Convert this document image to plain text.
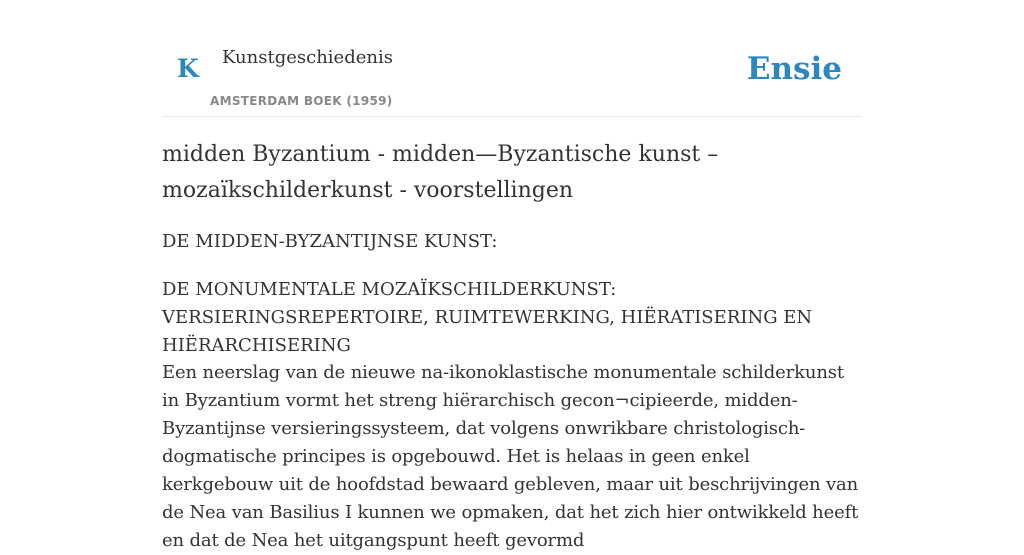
K Kunstgeschiedenis
AMSTERDAM BOEK (1959)
Ensie
midden Byzantium - midden—Byzantische kunst – mozaïkschilderkunst - voorstellingen
DE MIDDEN-BYZANTIJNSE KUNST:
DE MONUMENTALE MOZAÏKSCHILDERKUNST: VERSIERINGSREPERTOIRE, RUIMTEWERKING, HIËRATISERING EN HIËRARCHISERING

Een neerslag van de nieuwe na-ikonoklastische monumentale schilderkunst in Byzantium vormt het streng hiërarchisch gecon¬cipieerde, midden-Byzantijnse versieringssysteem, dat volgens onwrikbare christologisch-dogmatische principes is opgebouwd. Het is helaas in geen enkel kerkgebouw uit de hoofdstad bewaard gebleven, maar uit beschrijvingen van de Nea van Basilius I kunnen we opmaken, dat het zich hier ontwikkeld heeft en dat de Nea het uitgangspunt heeft gevormd
